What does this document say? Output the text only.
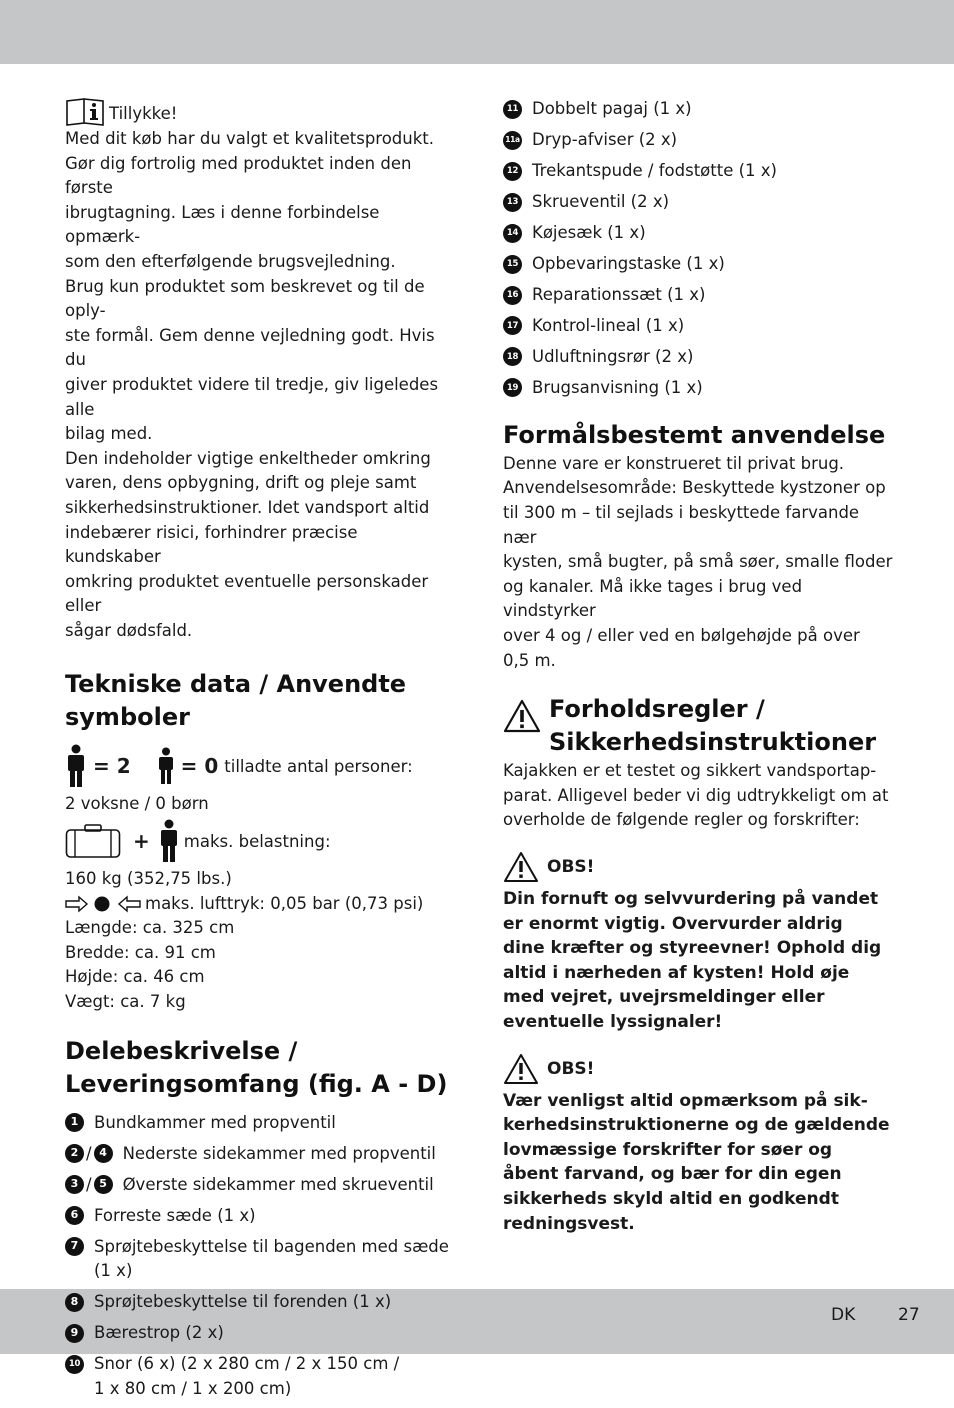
DK	27
Tillykke!

Med dit køb har du valgt et kvalitetsprodukt.

Gør dig fortrolig med produktet inden den første

ibrugtagning. Læs i denne forbindelse opmærk-

som den efterfølgende brugsvejledning.

Brug kun produktet som beskrevet og til de oply-

ste formål. Gem denne vejledning godt. Hvis du

giver produktet videre til tredje, giv ligeledes alle

bilag med.

Den indeholder vigtige enkeltheder omkring

varen, dens opbygning, drift og pleje samt

sikkerhedsinstruktioner. Idet vandsport altid

indebærer risici, forhindrer præcise kundskaber

omkring produktet eventuelle personskader eller

sågar dødsfald.

Tekniske data / Anvendte

symboler

= 2	= 0 tilladte antal personer:

2 voksne / 0 børn

+ maks. belastning:

160 kg (352,75 lbs.)

maks. lufttryk: 0,05 bar (0,73 psi)

Længde: ca. 325 cm

Bredde: ca. 91 cm

Højde: ca. 46 cm

Vægt: ca. 7 kg

Delebeskrivelse /

Leveringsomfang (fig. A - D)

1 Bundkammer med propventil
2 / 4 Nederste sidekammer med propventil
3 / 5 Øverste sidekammer med skrueventil
6 Forreste sæde (1 x)
7 Sprøjtebeskyttelse til bagenden med sæde
(1 x)
8 Sprøjtebeskyttelse til forenden (1 x)
9 Bærestrop (2 x)
10 Snor (6 x) (2 x 280 cm / 2 x 150 cm /
1 x 80 cm / 1 x 200 cm)
11 Dobbelt pagaj (1 x)
11a Dryp-afviser (2 x)
12 Trekantspude / fodstøtte (1 x)
13 Skrueventil (2 x)
14 Køjesæk (1 x)
15 Opbevaringstaske (1 x)
16 Reparationssæt (1 x)
17 Kontrol-lineal (1 x)
18 Udluftningsrør (2 x)
19 Brugsanvisning (1 x)

Formålsbestemt anvendelse

Denne vare er konstrueret til privat brug.

Anvendelsesområde: Beskyttede kystzoner op

til 300 m – til sejlads i beskyttede farvande nær

kysten, små bugter, på små søer, smalle floder

og kanaler. Må ikke tages i brug ved vindstyrker

over 4 og / eller ved en bølgehøjde på over

0,5 m.

Forholdsregler /

Sikkerhedsinstruktioner

Kajakken er et testet og sikkert vandsportap-

parat. Alligevel beder vi dig udtrykkeligt om at

overholde de følgende regler og forskrifter:

OBS!

Din fornuft og selvvurdering på vandet

er enormt vigtig. Overvurder aldrig

dine kræfter og styreevner! Ophold dig

altid i nærheden af kysten! Hold øje

med vejret, uvejrsmeldinger eller

eventuelle lyssignaler!

OBS!

Vær venligst altid opmærksom på sik-

kerhedsinstruktionerne og de gældende

lovmæssige forskrifter for søer og

åbent farvand, og bær for din egen

sikkerheds skyld altid en godkendt

redningsvest.
